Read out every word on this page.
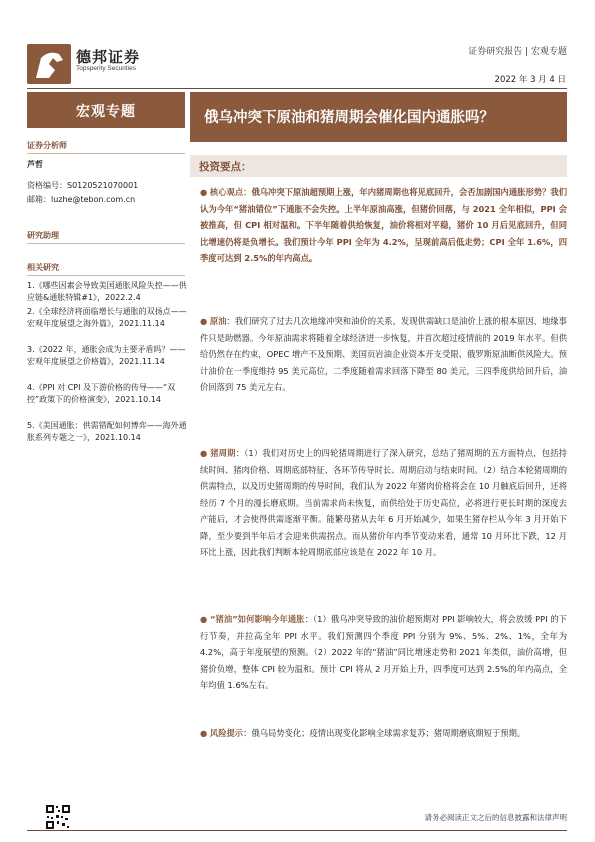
德邦证券
Topsperity Securities
证券研究报告 | 宏观专题
2022 年 3 月 4 日
宏观专题	俄乌冲突下原油和猪周期会催化国内通胀吗？
证券分析师
芦哲
资格编号：S0120521070001
邮箱：luzhe@tebon.com.cn
研究助理
相关研究
1.《哪些因素会导致美国通胀风险失控——供应链&通胀特辑#1》，2022.2.4
2.《全球经济将面临增长与通胀的双扬点——宏观年度展望之海外篇》，2021.11.14
3.《2022 年，通胀会成为主要矛盾吗？——宏观年度展望之价格篇》，2021.11.14
4.《PPI 对 CPI 及下游价格的传导——“双控”政策下的价格演变》，2021.10.14
5.《美国通胀：供需错配如何博弈——海外通胀系列专题之一》，2021.10.14
投资要点：
● 核心观点：俄乌冲突下原油超预期上涨，年内猪周期也将见底回升，会否加剧国内通胀形势？我们认为今年“猪油错位”下通胀不会失控。上半年原油高涨，但猪价回落，与 2021 全年相似，PPI 会被推高，但 CPI 相对温和。下半年随着供给恢复，油价将相对平稳，猪价 10 月后见底回升，但同比增速仍将是负增长。我们预计今年 PPI 全年为 4.2%，呈现前高后低走势；CPI 全年 1.6%，四季度可达到 2.5%的年内高点。
● 原油：我们研究了过去几次地缘冲突和油价的关系，发现供需缺口是油价上涨的根本原因，地缘事件只是助燃器。今年原油需求将随着全球经济进一步恢复，并首次超过疫情前的 2019 年水平。但供给仍然存在约束，OPEC 增产不及预期、美国页岩油企业资本开支受限、俄罗斯原油断供风险大。预计油价在一季度维持 95 美元高位，二季度随着需求回落下降至 80 美元，三四季度供给回升后，油价回落到 75 美元左右。
● 猪周期：（1）我们对历史上的四轮猪周期进行了深入研究，总结了猪周期的五方面特点，包括持续时间、猪肉价格、周期底部特征、各环节传导时长、周期启动与结束时间。（2）结合本轮猪周期的供需特点，以及历史猪周期的传导时间，我们认为 2022 年猪肉价格将会在 10 月触底后回升，还将经历 7 个月的漫长磨底期。当前需求尚未恢复，而供给处于历史高位，必将进行更长时期的深度去产能后，才会使得供需逐渐平衡。能繁母猪从去年 6 月开始减少，如果生猪存栏从今年 3 月开始下降，至少要到半年后才会迎来供需拐点。而从猪价年内季节变动来看，通常 10 月环比下跌，12 月环比上涨，因此我们判断本轮周期底部应该是在 2022 年 10 月。
● “猪油”如何影响今年通胀：（1）俄乌冲突导致的油价超预期对 PPI 影响较大，将会放缓 PPI 的下行节奏，并拉高全年 PPI 水平。我们预测四个季度 PPI 分别为 9%、5%、2%、1%，全年为 4.2%，高于年度展望的预测。（2）2022 年的“猪油”同比增速走势和 2021 年类似，油价高增，但猪价负增，整体 CPI 较为温和。预计 CPI 将从 2 月开始上升，四季度可达到 2.5%的年内高点，全年均值 1.6%左右。
● 风险提示：俄乌局势变化；疫情出现变化影响全球需求复苏；猪周期磨底期短于预期。
请务必阅读正文之后的信息披露和法律声明
